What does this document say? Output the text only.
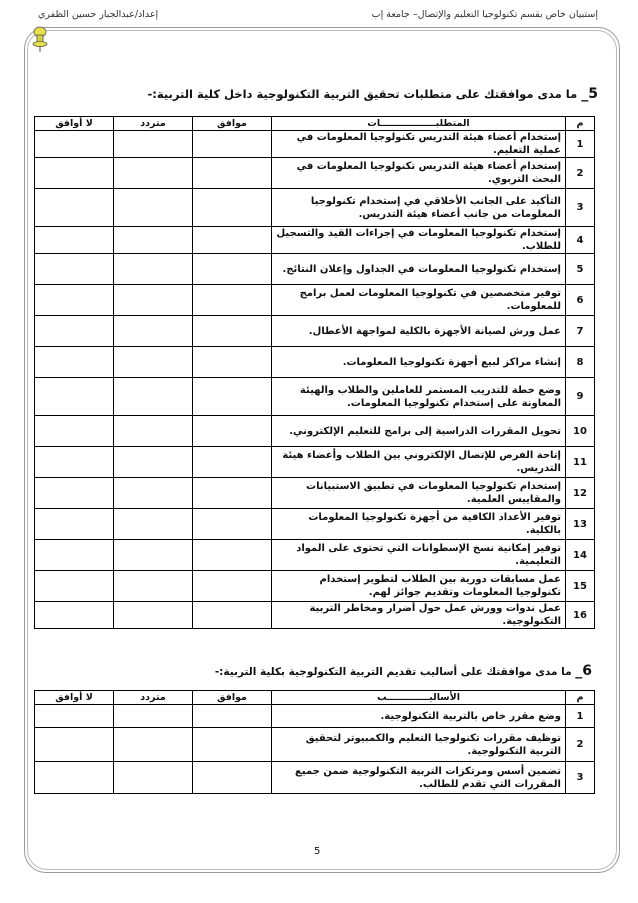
إعداد/عبدالجبار حسين الظفري	إستبيان خاص بقسم تكنولوجيا التعليم والإتصال– جامعة إب
5_ ما مدى موافقتك على متطلبات تحقيق التربية التكنولوجية داخل كلية التربية:-
م	المتطلبـــــــــــــــــات	موافق	متردد	لا أوافق
1	إستخدام أعضاء هيئة التدريس تكنولوجيا المعلومات في عملية التعليم.			
2	إستخدام أعضاء هيئة التدريس تكنولوجيا المعلومات في البحث التربوي.			
3	التأكيد على الجانب الأخلاقي في إستخدام تكنولوجيا المعلومات من جانب أعضاء هيئة التدريس.			
4	إستخدام تكنولوجيا المعلومات في إجراءات القيد والتسجيل للطلاب.			
5	إستخدام تكنولوجيا المعلومات في الجداول وإعلان النتائج.			
6	توفير متخصصين في تكنولوجيا المعلومات لعمل برامج للمعلومات.			
7	عمل ورش لصيانة الأجهزة بالكلية لمواجهة الأعطال.			
8	إنشاء مراكز لبيع أجهزة تكنولوجيا المعلومات.			
9	وضع خطة للتدريب المستمر للعاملين والطلاب والهيئة المعاونة على إستخدام تكنولوجيا المعلومات.			
10	تحويل المقررات الدراسية إلى برامج للتعليم الإلكتروني.			
11	إتاحة الفرص للإتصال الإلكتروني بين الطلاب وأعضاء هيئة التدريس.			
12	إستخدام تكنولوجيا المعلومات في تطبيق الاستبيانات والمقاييس العلمية.			
13	توفير الأعداد الكافية من أجهزة تكنولوجيا المعلومات بالكلية.			
14	توفير إمكانية نسخ الإسطوانات التي تحتوى على المواد التعليمية.			
15	عمل مسابقات دورية بين الطلاب لتطوير إستخدام تكنولوجيا المعلومات وتقديم جوائز لهم.			
16	عمل ندوات وورش عمل حول أضرار ومخاطر التربية التكنولوجية.			
6_ ما مدى موافقتك على أساليب تقديم التربية التكنولوجية بكلية التربية:-
م	الأساليـــــــــــــب	موافق	متردد	لا أوافق
1	وضع مقرر خاص بالتربية التكنولوجية.			
2	توظيف مقررات تكنولوجيا التعليم والكمبيوتر لتحقيق التربية التكنولوجية.			
3	تضمين أسس ومرتكزات التربية التكنولوجية ضمن جميع المقررات التي تقدم للطالب.			
5
